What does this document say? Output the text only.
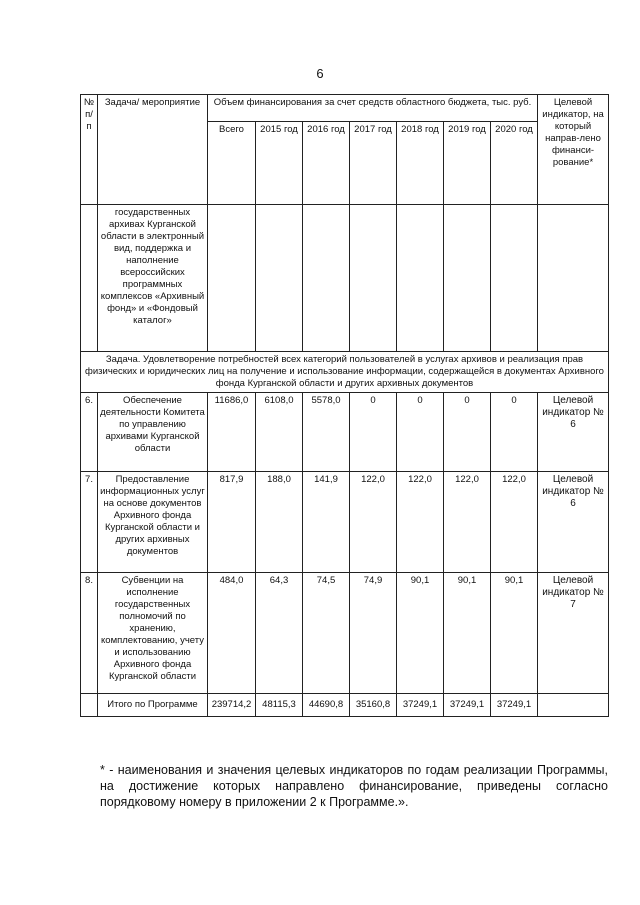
6
№ п/п	Задача/ мероприятие	Объем финансирования за счет средств областного бюджета, тыс. руб.							Целевой индикатор, на который направ-лено финанси-рование*
		Всего	2015 год	2016 год	2017 год	2018 год	2019 год	2020 год	
	государственных архивах Курганской области в электронный вид, поддержка и наполнение всероссийских программных комплексов «Архивный фонд» и «Фондовый каталог»								
Задача. Удовлетворение потребностей всех категорий пользователей в услугах архивов и реализация прав физических и юридических лиц на получение и использование информации, содержащейся в документах Архивного фонда Курганской области и других архивных документов									
6.	Обеспечение деятельности Комитета по управлению архивами Курганской области	11686,0	6108,0	5578,0	0	0	0	0	Целевой индикатор № 6
7.	Предоставление информационных услуг на основе документов Архивного фонда Курганской области и других архивных документов	817,9	188,0	141,9	122,0	122,0	122,0	122,0	Целевой индикатор № 6
8.	Субвенции на исполнение государственных полномочий по хранению, комплектованию, учету и использованию Архивного фонда Курганской области	484,0	64,3	74,5	74,9	90,1	90,1	90,1	Целевой индикатор № 7
	Итого по Программе	239714,2	48115,3	44690,8	35160,8	37249,1	37249,1	37249,1	
* - наименования и значения целевых индикаторов по годам реализации Программы, на достижение которых направлено финансирование, приведены согласно порядковому номеру в приложении 2 к Программе.».
